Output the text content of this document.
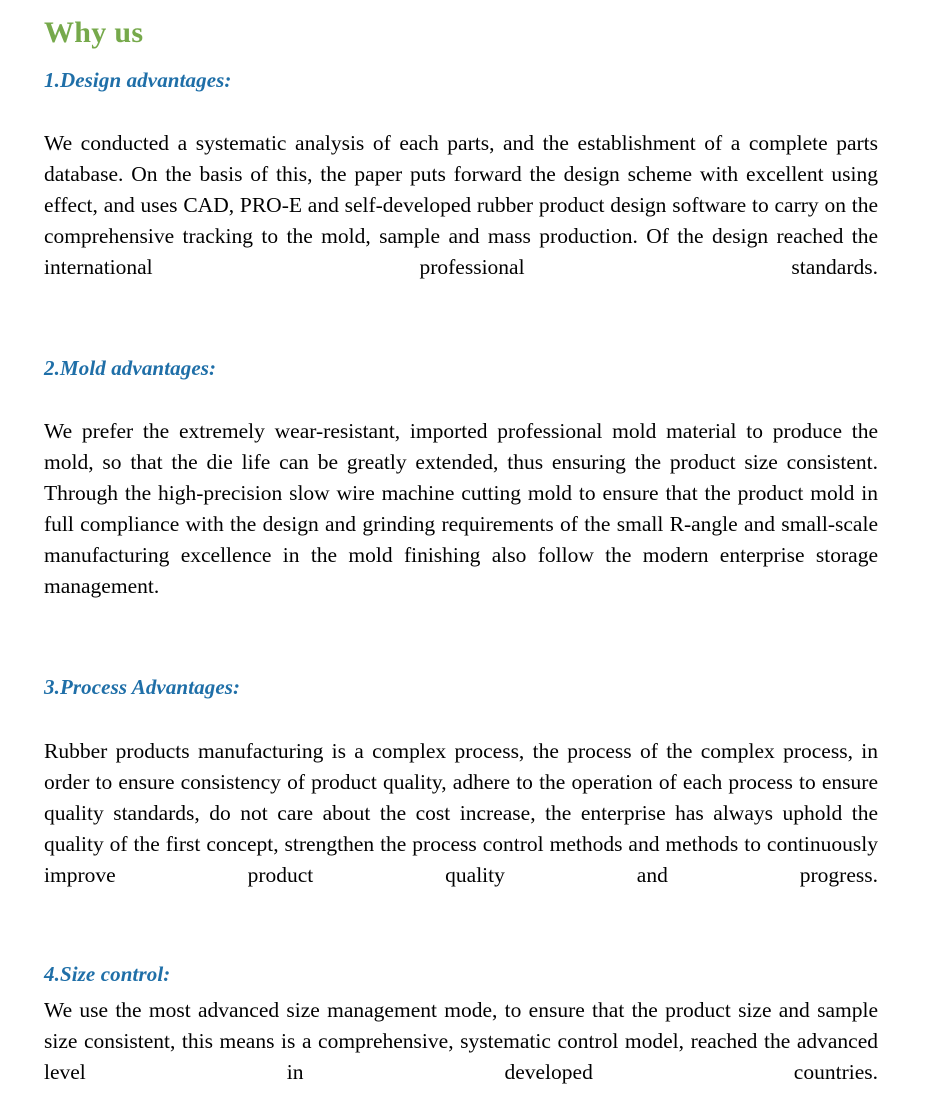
Why us
1.Design advantages:

We conducted a systematic analysis of each parts, and the establishment of a complete parts database. On the basis of this, the paper puts forward the design scheme with excellent using effect, and uses CAD, PRO-E and self-developed rubber product design software to carry on the comprehensive tracking to the mold, sample and mass production. Of the design reached the international professional standards.

2.Mold advantages:

We prefer the extremely wear-resistant, imported professional mold material to produce the mold, so that the die life can be greatly extended, thus ensuring the product size consistent. Through the high-precision slow wire machine cutting mold to ensure that the product mold in full compliance with the design and grinding requirements of the small R-angle and small-scale manufacturing excellence in the mold finishing also follow the modern enterprise storage management.

3.Process Advantages:

Rubber products manufacturing is a complex process, the process of the complex process, in order to ensure consistency of product quality, adhere to the operation of each process to ensure quality standards, do not care about the cost increase, the enterprise has always uphold the quality of the first concept, strengthen the process control methods and methods to continuously improve product quality and progress.

4.Size control:

We use the most advanced size management mode, to ensure that the product size and sample size consistent, this means is a comprehensive, systematic control model, reached the advanced level in developed countries.
